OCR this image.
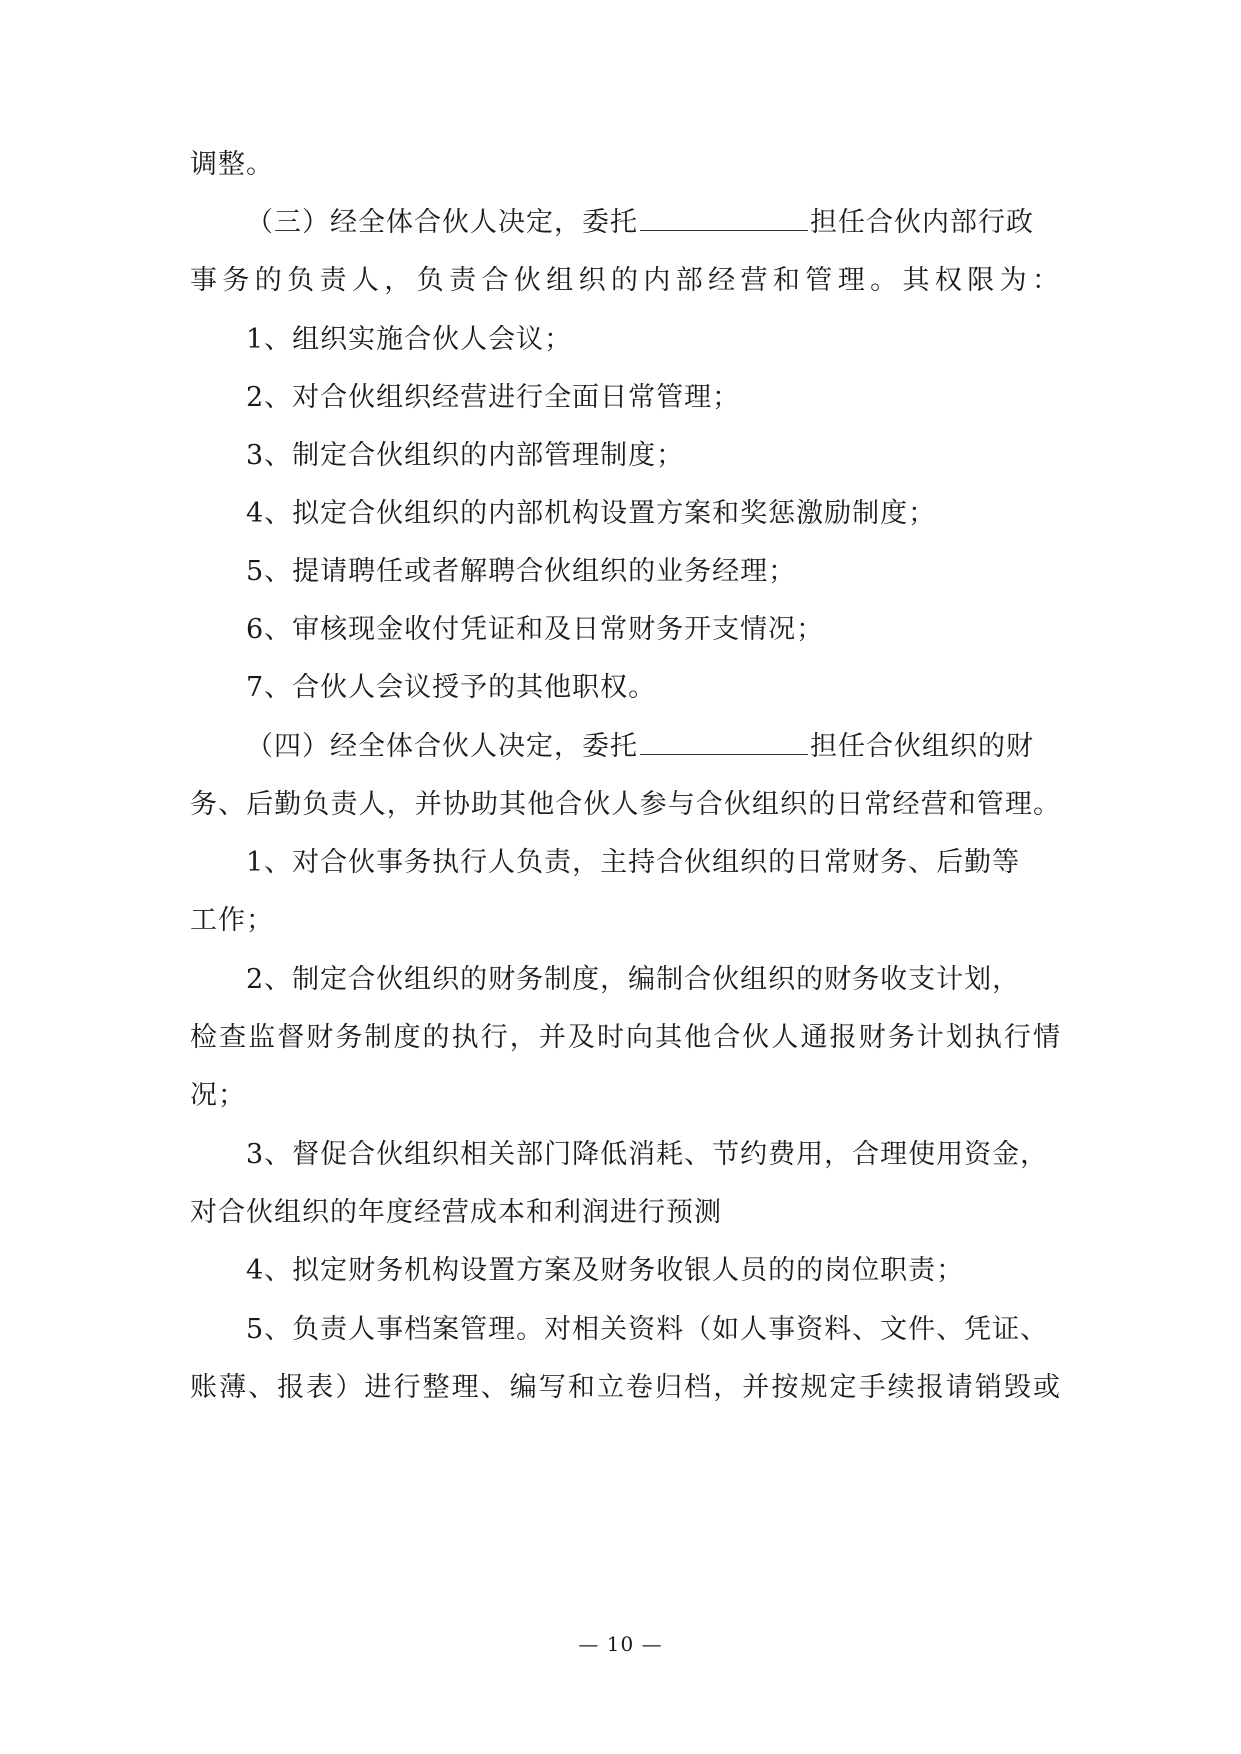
调整。
（三）经全体合伙人决定，委托	担任合伙内部行政
事务的负责人，负责合伙组织的内部经营和管理。其权限为：
1、组织实施合伙人会议；
2、对合伙组织经营进行全面日常管理；
3、制定合伙组织的内部管理制度；
4、拟定合伙组织的内部机构设置方案和奖惩激励制度；
5、提请聘任或者解聘合伙组织的业务经理；
6、审核现金收付凭证和及日常财务开支情况；
7、合伙人会议授予的其他职权。
（四）经全体合伙人决定，委托	担任合伙组织的财
务、后勤负责人，并协助其他合伙人参与合伙组织的日常经营和管理。
1、对合伙事务执行人负责，主持合伙组织的日常财务、后勤等
工作；
2、制定合伙组织的财务制度，编制合伙组织的财务收支计划，
检查监督财务制度的执行，并及时向其他合伙人通报财务计划执行情
况；
3、督促合伙组织相关部门降低消耗、节约费用，合理使用资金，
对合伙组织的年度经营成本和利润进行预测
4、拟定财务机构设置方案及财务收银人员的的岗位职责；
5、负责人事档案管理。对相关资料（如人事资料、文件、凭证、
账薄、报表）进行整理、编写和立卷归档，并按规定手续报请销毁或
— 10 —
